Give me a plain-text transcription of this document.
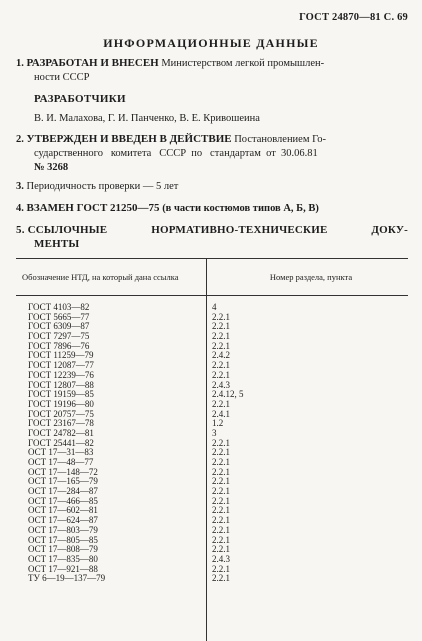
ГОСТ 24870—81 С. 69
ИНФОРМАЦИОННЫЕ ДАННЫЕ
1. РАЗРАБОТАН И ВНЕСЕН Министерством легкой промышлен-
ности СССР
РАЗРАБОТЧИКИ
В. И. Малахова, Г. И. Панченко, В. Е. Кривошеина
2. УТВЕРЖДЕН И ВВЕДЕН В ДЕЙСТВИЕ Постановлением Го-
сударственного   комитета   СССР  по   стандартам  от  30.06.81
№ 3268
3. Периодичность проверки — 5 лет
4. ВЗАМЕН ГОСТ 21250—75 (в части костюмов типов А, Б, В)
5. ССЫЛОЧНЫЕ	НОРМАТИВНО-ТЕХНИЧЕСКИЕ	ДОКУ-
МЕНТЫ
Обозначение НТД, на который дана ссылка	Номер раздела, пункта
ГОСТ 4103—82	4
ГОСТ 5665—77	2.2.1
ГОСТ 6309—87	2.2.1
ГОСТ 7297—75	2.2.1
ГОСТ 7896—76	2.2.1
ГОСТ 11259—79	2.4.2
ГОСТ 12087—77	2.2.1
ГОСТ 12239—76	2.2.1
ГОСТ 12807—88	2.4.3
ГОСТ 19159—85	2.4.12, 5
ГОСТ 19196—80	2.2.1
ГОСТ 20757—75	2.4.1
ГОСТ 23167—78	1.2
ГОСТ 24782—81	3
ГОСТ 25441—82	2.2.1
ОСТ 17—31—83	2.2.1
ОСТ 17—48—77	2.2.1
ОСТ 17—148—72	2.2.1
ОСТ 17—165—79	2.2.1
ОСТ 17—284—87	2.2.1
ОСТ 17—466—85	2.2.1
ОСТ 17—602—81	2.2.1
ОСТ 17—624—87	2.2.1
ОСТ 17—803—79	2.2.1
ОСТ 17—805—85	2.2.1
ОСТ 17—808—79	2.2.1
ОСТ 17—835—80	2.4.3
ОСТ 17—921—88	2.2.1
ТУ 6—19—137—79	2.2.1
